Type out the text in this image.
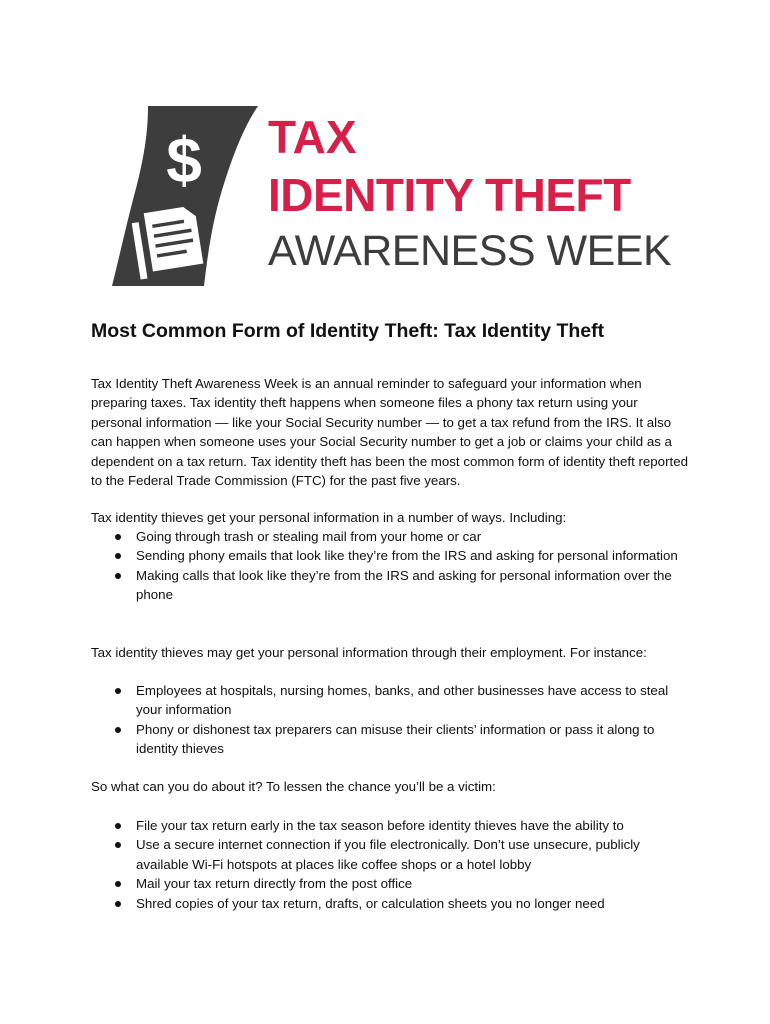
$ TAX
IDENTITY THEFT
AWARENESS WEEK
Most Common Form of Identity Theft: Tax Identity Theft

Tax Identity Theft Awareness Week is an annual reminder to safeguard your information when preparing taxes. Tax identity theft happens when someone files a phony tax return using your personal information — like your Social Security number — to get a tax refund from the IRS. It also can happen when someone uses your Social Security number to get a job or claims your child as a dependent on a tax return. Tax identity theft has been the most common form of identity theft reported to the Federal Trade Commission (FTC) for the past five years.

Tax identity thieves get your personal information in a number of ways. Including:

Going through trash or stealing mail from your home or car
Sending phony emails that look like they’re from the IRS and asking for personal information
Making calls that look like they’re from the IRS and asking for personal information over the phone

Tax identity thieves may get your personal information through their employment. For instance:

Employees at hospitals, nursing homes, banks, and other businesses have access to steal your information
Phony or dishonest tax preparers can misuse their clients’ information or pass it along to identity thieves

So what can you do about it? To lessen the chance you’ll be a victim:

File your tax return early in the tax season before identity thieves have the ability to
Use a secure internet connection if you file electronically. Don’t use unsecure, publicly available Wi-Fi hotspots at places like coffee shops or a hotel lobby
Mail your tax return directly from the post office
Shred copies of your tax return, drafts, or calculation sheets you no longer need
